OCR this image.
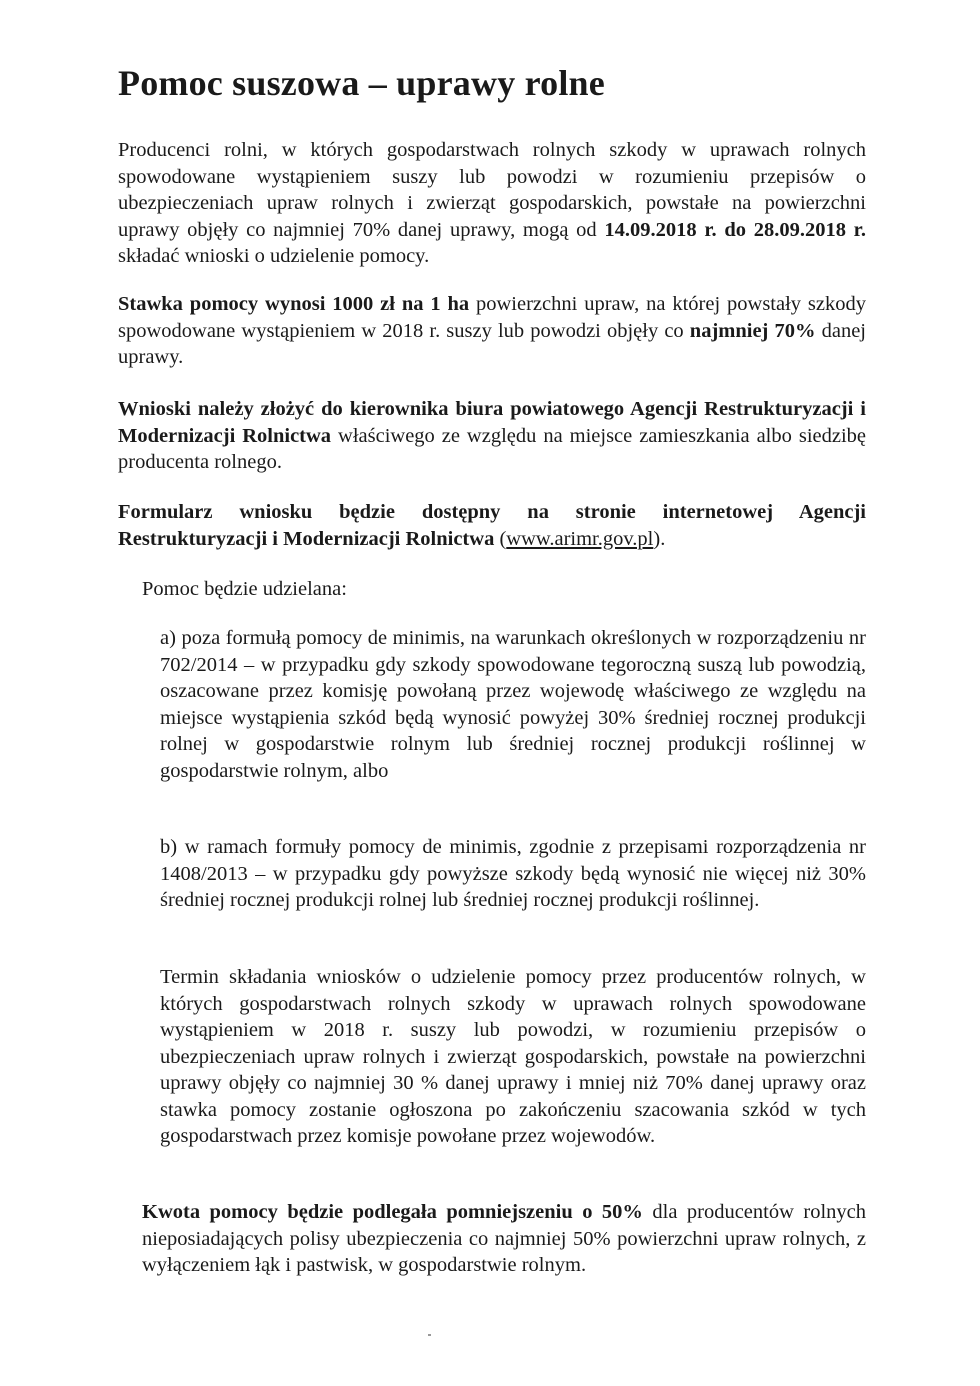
Pomoc suszowa – uprawy rolne

Producenci rolni, w których gospodarstwach rolnych szkody w uprawach rolnych spowodowane wystąpieniem suszy lub powodzi w rozumieniu przepisów o ubezpieczeniach upraw rolnych i zwierząt gospodarskich, powstałe na powierzchni uprawy objęły co najmniej 70% danej uprawy, mogą od 14.09.2018 r. do 28.09.2018 r. składać wnioski o udzielenie pomocy.

Stawka pomocy wynosi 1000 zł na 1 ha powierzchni upraw, na której powstały szkody spowodowane wystąpieniem w 2018 r. suszy lub powodzi objęły co najmniej 70% danej uprawy.

Wnioski należy złożyć do kierownika biura powiatowego Agencji Restrukturyzacji i Modernizacji Rolnictwa właściwego ze względu na miejsce zamieszkania albo siedzibę producenta rolnego.

Formularz wniosku będzie dostępny na stronie internetowej Agencji Restrukturyzacji i Modernizacji Rolnictwa (www.arimr.gov.pl).

Pomoc będzie udzielana:

a) poza formułą pomocy de minimis, na warunkach określonych w rozporządzeniu nr 702/2014 – w przypadku gdy szkody spowodowane tegoroczną suszą lub powodzią, oszacowane przez komisję powołaną przez wojewodę właściwego ze względu na miejsce wystąpienia szkód będą wynosić powyżej 30% średniej rocznej produkcji rolnej w gospodarstwie rolnym lub średniej rocznej produkcji roślinnej w gospodarstwie rolnym, albo

b) w ramach formuły pomocy de minimis, zgodnie z przepisami rozporządzenia nr 1408/2013 – w przypadku gdy powyższe szkody będą wynosić nie więcej niż 30% średniej rocznej produkcji rolnej lub średniej rocznej produkcji roślinnej.

Termin składania wniosków o udzielenie pomocy przez producentów rolnych, w których gospodarstwach rolnych szkody w uprawach rolnych spowodowane wystąpieniem w 2018 r. suszy lub powodzi, w rozumieniu przepisów o ubezpieczeniach upraw rolnych i zwierząt gospodarskich, powstałe na powierzchni uprawy objęły co najmniej 30 % danej uprawy i mniej niż 70% danej uprawy oraz stawka pomocy zostanie ogłoszona po zakończeniu szacowania szkód w tych gospodarstwach przez komisje powołane przez wojewodów.

Kwota pomocy będzie podlegała pomniejszeniu o 50% dla producentów rolnych nieposiadających polisy ubezpieczenia co najmniej 50% powierzchni upraw rolnych, z wyłączeniem łąk i pastwisk, w gospodarstwie rolnym.
